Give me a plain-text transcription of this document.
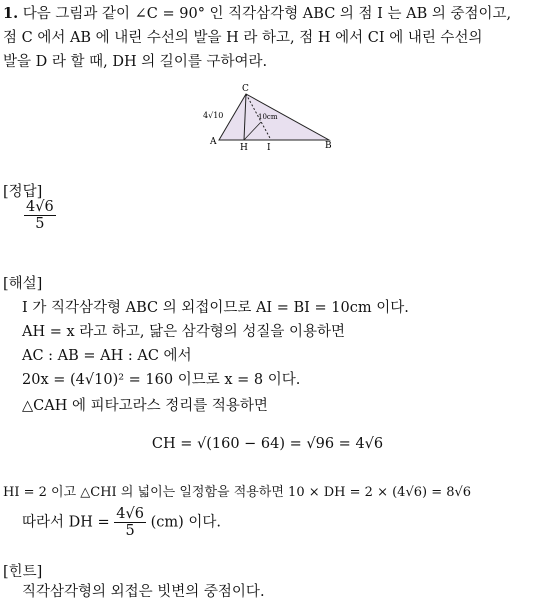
1. 다음 그림과 같이 ∠C = 90° 인 직각삼각형 ABC 의 점 I 는 AB 의 중점이고,
점 C 에서 AB 에 내린 수선의 발을 H 라 하고, 점 H 에서 CI 에 내린 수선의
발을 D 라 할 때, DH 의 길이를 구하여라.
C
A
H I	B
4√10	10cm
[정답]
$\frac{4√6}{5}$
[해설]
I 가 직각삼각형 ABC 의 외접이므로 AI = BI = 10cm 이다.
AH = x 라고 하고, 닮은 삼각형의 성질을 이용하면
AC : AB = AH : AC 에서
20x = (4√10)² = 160 이므로 x = 8 이다.
△CAH 에 피타고라스 정리를 적용하면
CH = √(160 − 64) = √96 = 4√6
HI = 2 이고 △CHI 의 넓이는 일정함을 적용하면 10 × DH = 2 × (4√6) = 8√6
따라서 DH = $\frac{4√6}{5} (cm)$ 이다.
[힌트]
직각삼각형의 외접은 빗변의 중점이다.
